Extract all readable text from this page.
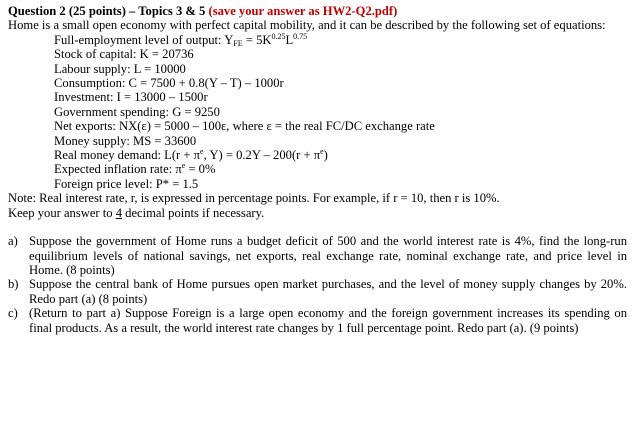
Question 2 (25 points) – Topics 3 & 5 (save your answer as HW2-Q2.pdf)
Home is a small open economy with perfect capital mobility, and it can be described by the following set of equations:
Full-employment level of output: $Y_{FE} = 5K^{0.25}L^{0.75}$
Stock of capital: K = 20736
Labour supply: L = 10000
Consumption: C = 7500 + 0.8(Y – T) – 1000r
Investment: I = 13000 – 1500r
Government spending: G = 9250
Net exports: NX(ε) = 5000 – 100ε, where ε = the real FC/DC exchange rate
Money supply: MS = 33600
Real money demand: $L(r + \pi^e$, $Y) = 0.2Y - 200(r + \pi^e)$
Expected inflation rate: $\pi^e = 0\%$
Foreign price level: P* = 1.5
Note: Real interest rate, r, is expressed in percentage points. For example, if r = 10, then r is 10%.
Keep your answer to 4 decimal points if necessary.
a) Suppose the government of Home runs a budget deficit of 500 and the world interest rate is 4%, find the long-run equilibrium levels of national savings, net exports, real exchange rate, nominal exchange rate, and price level in Home. (8 points)
b) Suppose the central bank of Home pursues open market purchases, and the level of money supply changes by 20%. Redo part (a) (8 points)
c) (Return to part a) Suppose Foreign is a large open economy and the foreign government increases its spending on final products. As a result, the world interest rate changes by 1 full percentage point. Redo part (a). (9 points)
